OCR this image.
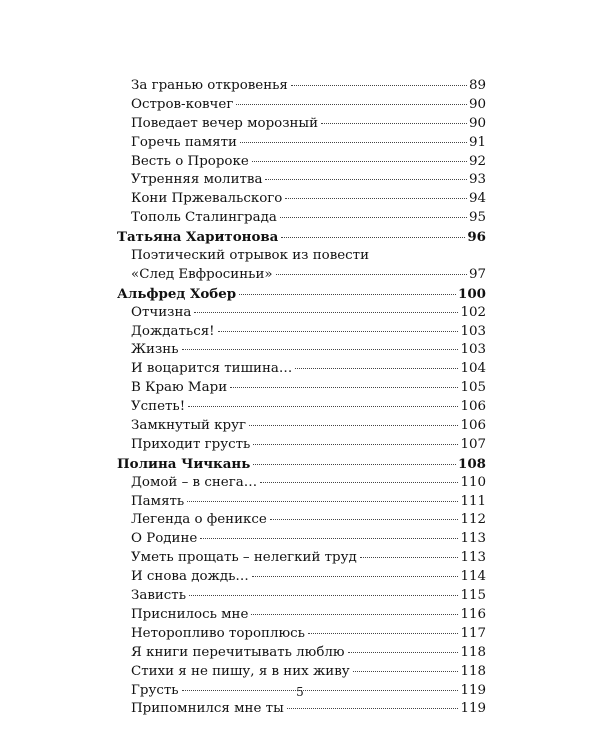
За гранью откровенья	89
Остров-ковчег	90
Поведает вечер морозный	90
Горечь памяти	91
Весть о Пророке	92
Утренняя молитва	93
Кони Пржевальского	94
Тополь Сталинграда	95
Татьяна Харитонова	96
Поэтический отрывок из повести
«След Евфросиньи»	97
Альфред Хобер	100
Отчизна	102
Дождаться!	103
Жизнь	103
И воцарится тишина…	104
В Краю Мари	105
Успеть!	106
Замкнутый круг	106
Приходит грусть	107
Полина Чичкань	108
Домой – в снега…	110
Память	111
Легенда о фениксе	112
О Родине	113
Уметь прощать – нелегкий труд	113
И снова дождь…	114
Зависть	115
Приснилось мне	116
Неторопливо тороплюсь	117
Я книги перечитывать люблю	118
Стихи я не пишу, я в них живу	118
Грусть	119
Припомнился мне ты	119
5
